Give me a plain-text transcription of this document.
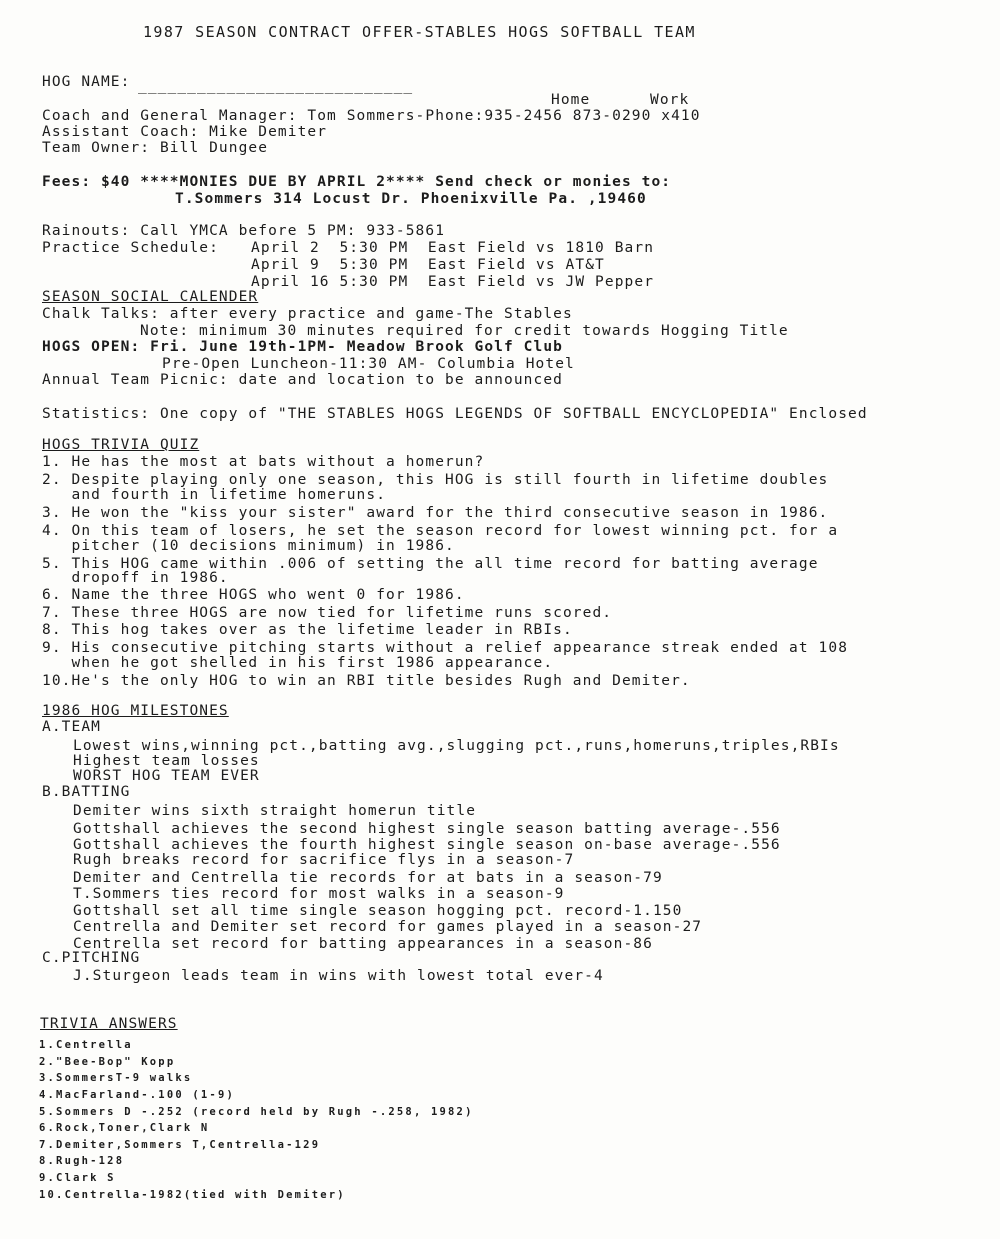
1987 SEASON CONTRACT OFFER-STABLES HOGS SOFTBALL TEAM
HOG NAME: ____________________________
Home	Work
Coach and General Manager: Tom Sommers-Phone:935-2456 873-0290 x410
Assistant Coach: Mike Demiter
Team Owner: Bill Dungee
Fees: $40 ****MONIES DUE BY APRIL 2**** Send check or monies to:
T.Sommers 314 Locust Dr. Phoenixville Pa. ,19460
Rainouts: Call YMCA before 5 PM: 933-5861
Practice Schedule: April 2  5:30 PM  East Field vs 1810 Barn
April 9  5:30 PM  East Field vs AT&T
April 16 5:30 PM  East Field vs JW Pepper
SEASON SOCIAL CALENDER
Chalk Talks: after every practice and game-The Stables
Note: minimum 30 minutes required for credit towards Hogging Title
HOGS OPEN: Fri. June 19th-1PM- Meadow Brook Golf Club
Pre-Open Luncheon-11:30 AM- Columbia Hotel
Annual Team Picnic: date and location to be announced
Statistics: One copy of "THE STABLES HOGS LEGENDS OF SOFTBALL ENCYCLOPEDIA" Enclosed
HOGS TRIVIA QUIZ
1. He has the most at bats without a homerun?
2. Despite playing only one season, this HOG is still fourth in lifetime doubles
and fourth in lifetime homeruns.
3. He won the "kiss your sister" award for the third consecutive season in 1986.
4. On this team of losers, he set the season record for lowest winning pct. for a
pitcher (10 decisions minimum) in 1986.
5. This HOG came within .006 of setting the all time record for batting average
dropoff in 1986.
6. Name the three HOGS who went 0 for 1986.
7. These three HOGS are now tied for lifetime runs scored.
8. This hog takes over as the lifetime leader in RBIs.
9. His consecutive pitching starts without a relief appearance streak ended at 108
when he got shelled in his first 1986 appearance.
10.He's the only HOG to win an RBI title besides Rugh and Demiter.
1986 HOG MILESTONES
A.TEAM
Lowest wins,winning pct.,batting avg.,slugging pct.,runs,homeruns,triples,RBIs
Highest team losses
WORST HOG TEAM EVER
B.BATTING
Demiter wins sixth straight homerun title
Gottshall achieves the second highest single season batting average-.556
Gottshall achieves the fourth highest single season on-base average-.556
Rugh breaks record for sacrifice flys in a season-7
Demiter and Centrella tie records for at bats in a season-79
T.Sommers ties record for most walks in a season-9
Gottshall set all time single season hogging pct. record-1.150
Centrella and Demiter set record for games played in a season-27
Centrella set record for batting appearances in a season-86
C.PITCHING
J.Sturgeon leads team in wins with lowest total ever-4
TRIVIA ANSWERS
1.Centrella
2."Bee-Bop" Kopp
3.SommersT-9 walks
4.MacFarland-.100 (1-9)
5.Sommers D -.252 (record held by Rugh -.258, 1982)
6.Rock,Toner,Clark N
7.Demiter,Sommers T,Centrella-129
8.Rugh-128
9.Clark S
10.Centrella-1982(tied with Demiter)
